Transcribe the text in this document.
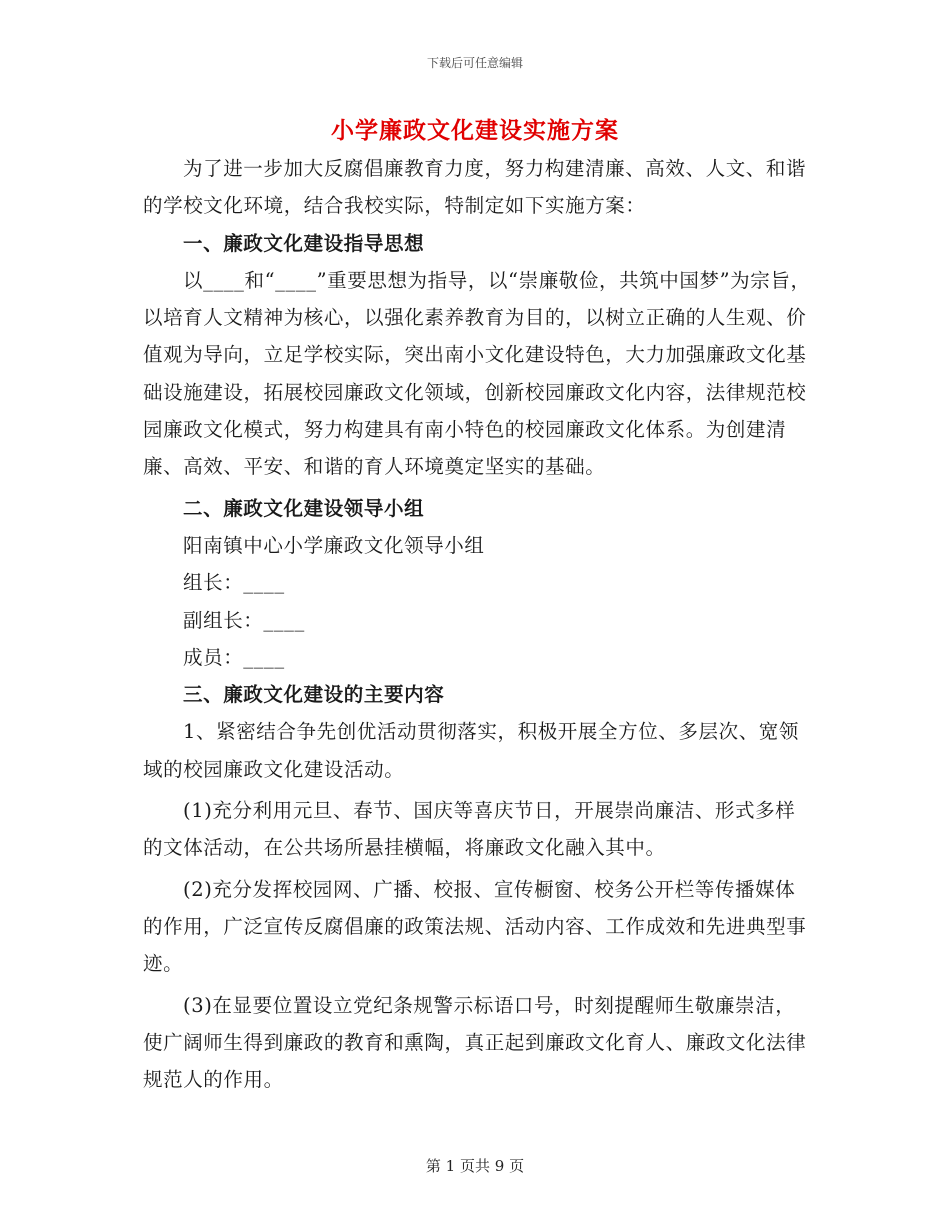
下载后可任意编辑
小学廉政文化建设实施方案

为了进一步加大反腐倡廉教育力度，努力构建清廉、高效、人文、和谐的学校文化环境，结合我校实际，特制定如下实施方案：

一、廉政文化建设指导思想

以____和“____”重要思想为指导，以“崇廉敬俭，共筑中国梦”为宗旨，以培育人文精神为核心，以强化素养教育为目的，以树立正确的人生观、价值观为导向，立足学校实际，突出南小文化建设特色，大力加强廉政文化基础设施建设，拓展校园廉政文化领域，创新校园廉政文化内容，法律规范校园廉政文化模式，努力构建具有南小特色的校园廉政文化体系。为创建清廉、高效、平安、和谐的育人环境奠定坚实的基础。

二、廉政文化建设领导小组

阳南镇中心小学廉政文化领导小组

组长：____

副组长：____

成员：____

三、廉政文化建设的主要内容

1、紧密结合争先创优活动贯彻落实，积极开展全方位、多层次、宽领域的校园廉政文化建设活动。

(1)充分利用元旦、春节、国庆等喜庆节日，开展崇尚廉洁、形式多样的文体活动，在公共场所悬挂横幅，将廉政文化融入其中。

(2)充分发挥校园网、广播、校报、宣传橱窗、校务公开栏等传播媒体的作用，广泛宣传反腐倡廉的政策法规、活动内容、工作成效和先进典型事迹。

(3)在显要位置设立党纪条规警示标语口号，时刻提醒师生敬廉崇洁，使广阔师生得到廉政的教育和熏陶，真正起到廉政文化育人、廉政文化法律规范人的作用。

第 1 页共 9 页
